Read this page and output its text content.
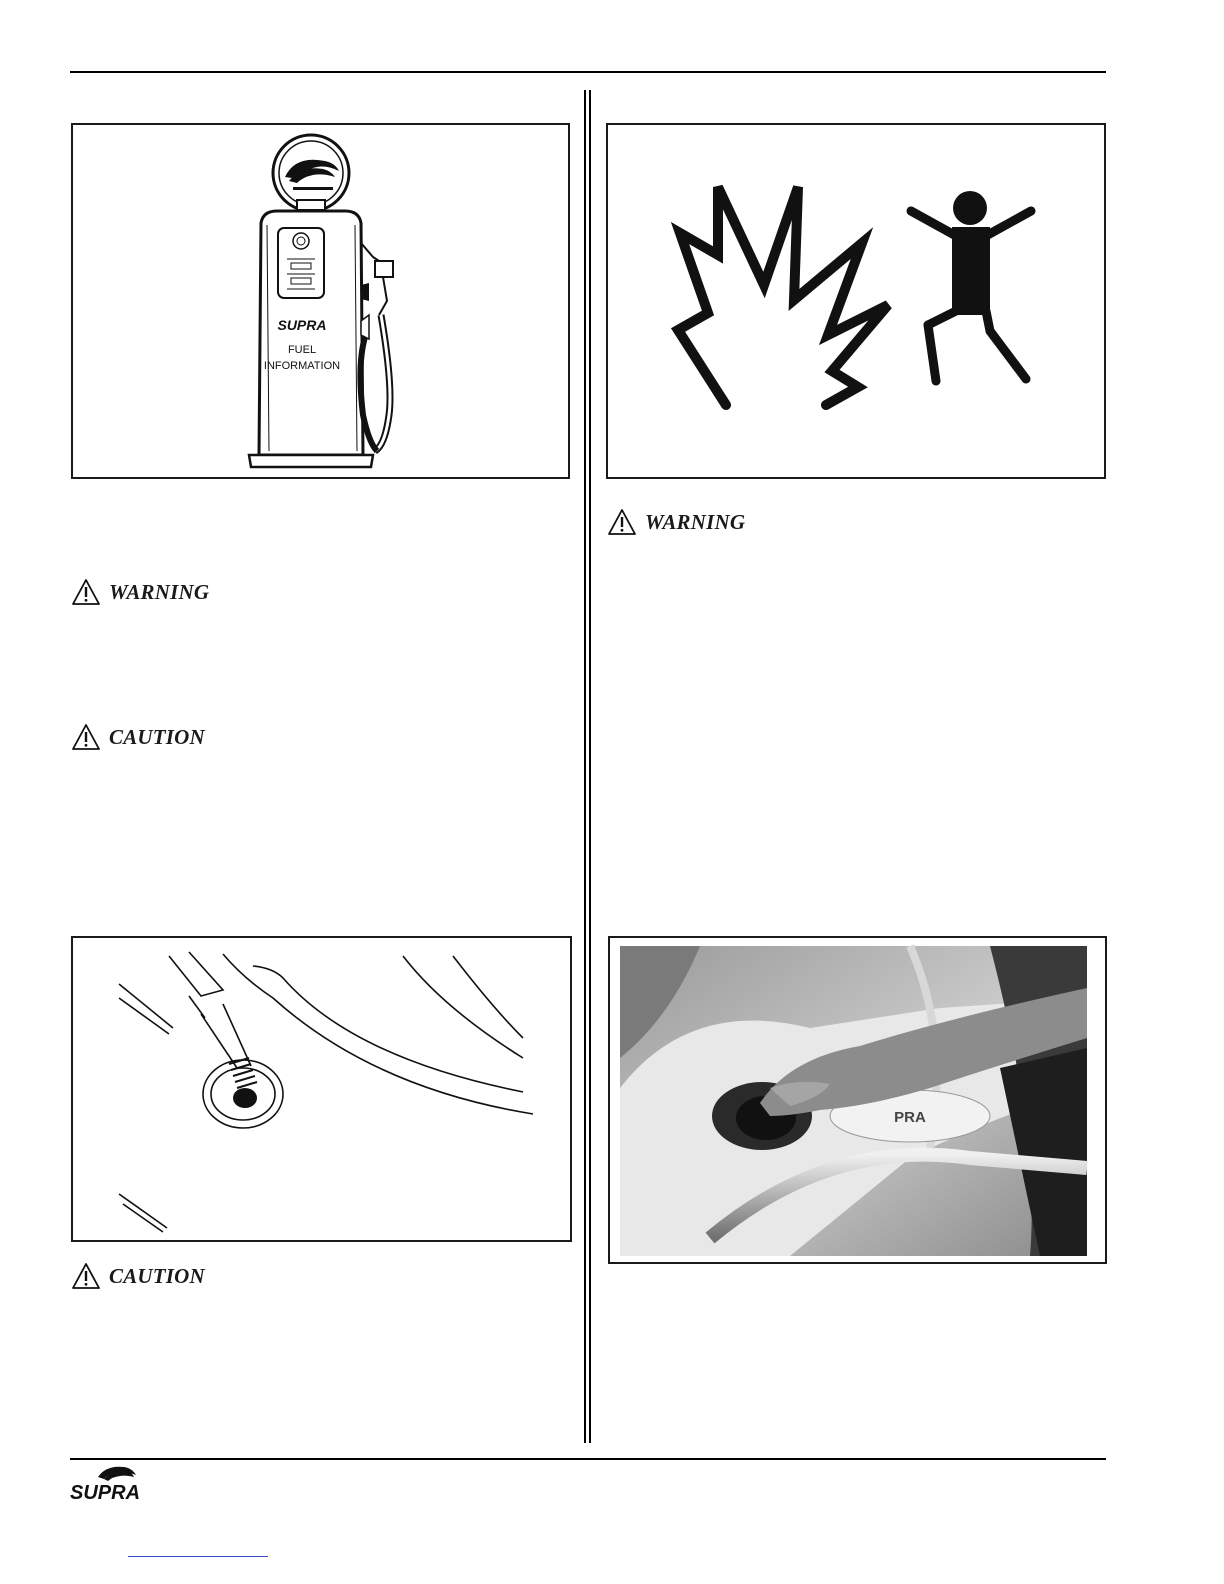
SUPRA
FUEL
INFORMATION
WARNING
WARNING
CAUTION
PRA
CAUTION
SUPRA
